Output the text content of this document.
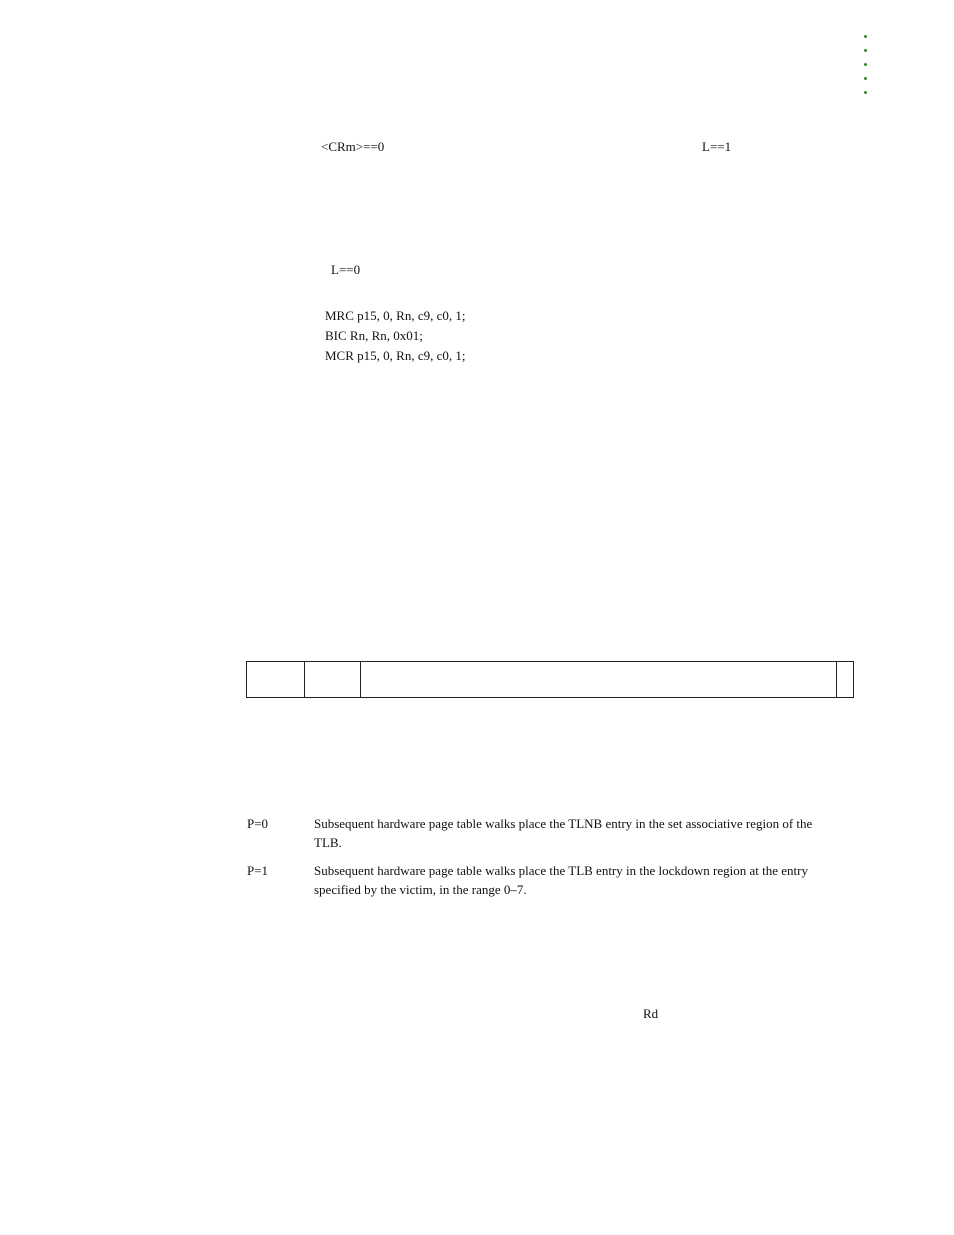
<CRm>==0	L==1
L==0
MRC p15, 0, Rn, c9, c0, 1;
BIC Rn, Rn, 0x01;
MCR p15, 0, Rn, c9, c0, 1;
P=0	Subsequent hardware page table walks place the TLNB entry in the set associative region of the TLB.
P=1	Subsequent hardware page table walks place the TLB entry in the lockdown region at the entry specified by the victim, in the range 0–7.
Rd
